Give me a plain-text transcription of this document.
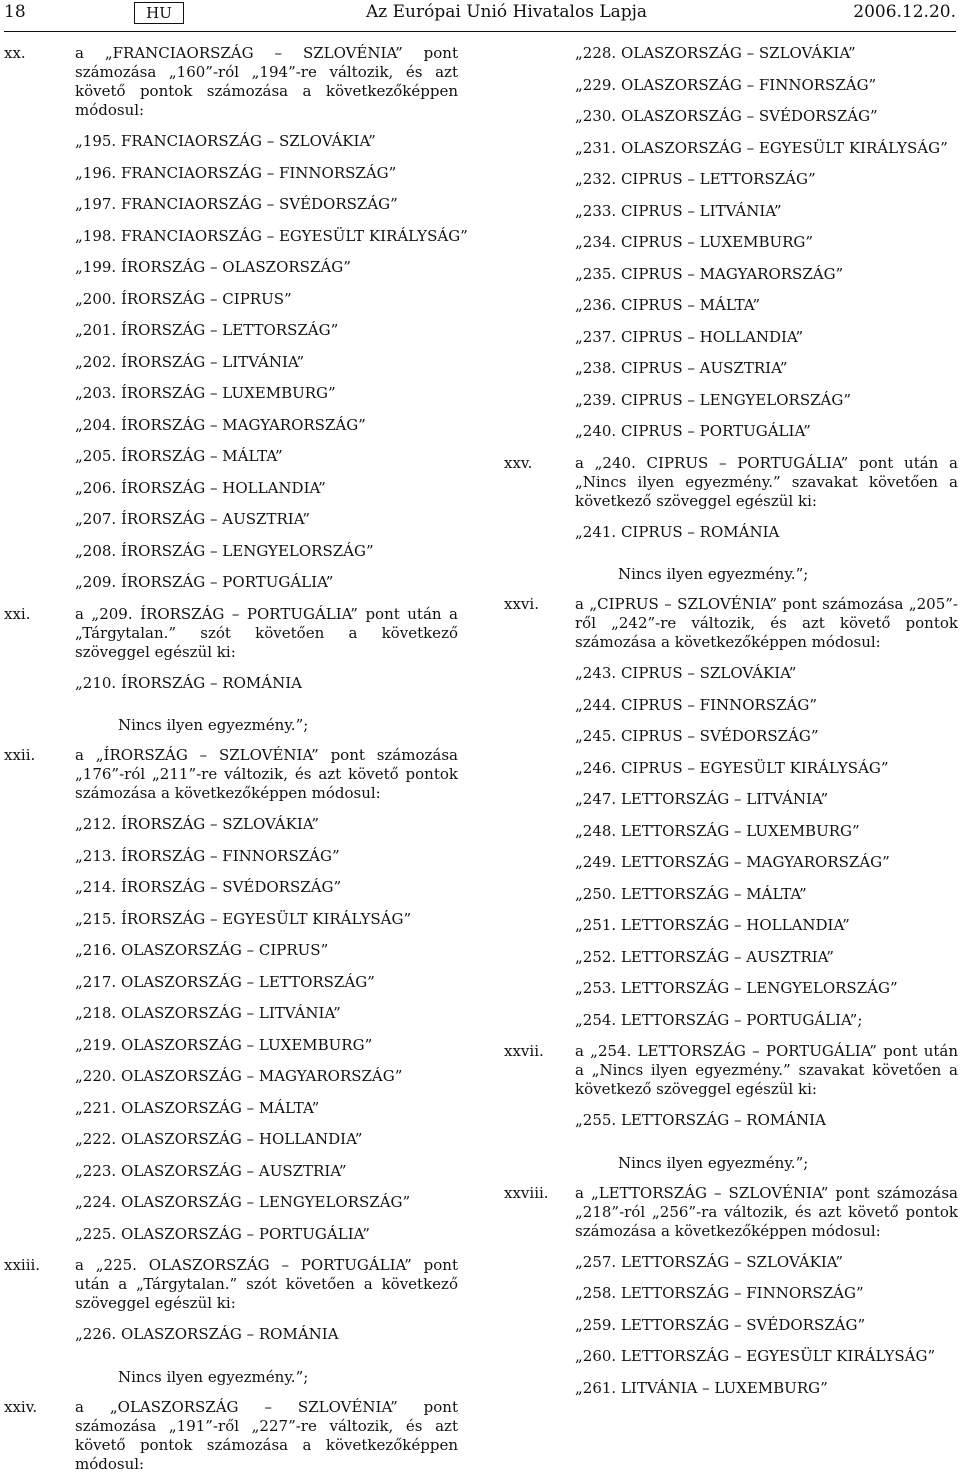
18	HU	Az Európai Unió Hivatalos Lapja	2006.12.20.
xx.	a „FRANCIAORSZÁG – SZLOVÉNIA” pont számozása „160”-ról „194”-re változik, és azt követő pontok számozása a következőképpen módosul:
„195. FRANCIAORSZÁG – SZLOVÁKIA”
„196. FRANCIAORSZÁG – FINNORSZÁG”
„197. FRANCIAORSZÁG – SVÉDORSZÁG”
„198. FRANCIAORSZÁG – EGYESÜLT KIRÁLYSÁG”
„199. ÍRORSZÁG – OLASZORSZÁG”
„200. ÍRORSZÁG – CIPRUS”
„201. ÍRORSZÁG – LETTORSZÁG”
„202. ÍRORSZÁG – LITVÁNIA”
„203. ÍRORSZÁG – LUXEMBURG”
„204. ÍRORSZÁG – MAGYARORSZÁG”
„205. ÍRORSZÁG – MÁLTA”
„206. ÍRORSZÁG – HOLLANDIA”
„207. ÍRORSZÁG – AUSZTRIA”
„208. ÍRORSZÁG – LENGYELORSZÁG”
„209. ÍRORSZÁG – PORTUGÁLIA”
xxi.	a „209. ÍRORSZÁG – PORTUGÁLIA” pont után a „Tárgytalan.” szót követően a következő szöveggel egészül ki:
„210. ÍRORSZÁG – ROMÁNIA
Nincs ilyen egyezmény.”;
xxii.	a „ÍRORSZÁG – SZLOVÉNIA” pont számozása „176”-ról „211”-re változik, és azt követő pontok számozása a következőképpen módosul:
„212. ÍRORSZÁG – SZLOVÁKIA”
„213. ÍRORSZÁG – FINNORSZÁG”
„214. ÍRORSZÁG – SVÉDORSZÁG”
„215. ÍRORSZÁG – EGYESÜLT KIRÁLYSÁG”
„216. OLASZORSZÁG – CIPRUS”
„217. OLASZORSZÁG – LETTORSZÁG”
„218. OLASZORSZÁG – LITVÁNIA”
„219. OLASZORSZÁG – LUXEMBURG”
„220. OLASZORSZÁG – MAGYARORSZÁG”
„221. OLASZORSZÁG – MÁLTA”
„222. OLASZORSZÁG – HOLLANDIA”
„223. OLASZORSZÁG – AUSZTRIA”
„224. OLASZORSZÁG – LENGYELORSZÁG”
„225. OLASZORSZÁG – PORTUGÁLIA”
xxiii. a „225. OLASZORSZÁG – PORTUGÁLIA” pont után a „Tárgytalan.” szót követően a következő szöveggel egészül ki:
„226. OLASZORSZÁG – ROMÁNIA
Nincs ilyen egyezmény.”;
xxiv.	a „OLASZORSZÁG – SZLOVÉNIA” pont számozása „191”-ről „227”-re változik, és azt követő pontok számozása a következőképpen módosul:
„228. OLASZORSZÁG – SZLOVÁKIA”
„229. OLASZORSZÁG – FINNORSZÁG”
„230. OLASZORSZÁG – SVÉDORSZÁG”
„231. OLASZORSZÁG – EGYESÜLT KIRÁLYSÁG”
„232. CIPRUS – LETTORSZÁG”
„233. CIPRUS – LITVÁNIA”
„234. CIPRUS – LUXEMBURG”
„235. CIPRUS – MAGYARORSZÁG”
„236. CIPRUS – MÁLTA”
„237. CIPRUS – HOLLANDIA”
„238. CIPRUS – AUSZTRIA”
„239. CIPRUS – LENGYELORSZÁG”
„240. CIPRUS – PORTUGÁLIA”
xxv.	a „240. CIPRUS – PORTUGÁLIA” pont után a „Nincs ilyen egyezmény.” szavakat követően a következő szöveggel egészül ki:
„241. CIPRUS – ROMÁNIA
Nincs ilyen egyezmény.”;
xxvi. a „CIPRUS – SZLOVÉNIA” pont számozása „205”-ről „242”-re változik, és azt követő pontok számozása a következőképpen módosul:
„243. CIPRUS – SZLOVÁKIA”
„244. CIPRUS – FINNORSZÁG”
„245. CIPRUS – SVÉDORSZÁG”
„246. CIPRUS – EGYESÜLT KIRÁLYSÁG”
„247. LETTORSZÁG – LITVÁNIA”
„248. LETTORSZÁG – LUXEMBURG”
„249. LETTORSZÁG – MAGYARORSZÁG”
„250. LETTORSZÁG – MÁLTA”
„251. LETTORSZÁG – HOLLANDIA”
„252. LETTORSZÁG – AUSZTRIA”
„253. LETTORSZÁG – LENGYELORSZÁG”
„254. LETTORSZÁG – PORTUGÁLIA”;
xxvii. a „254. LETTORSZÁG – PORTUGÁLIA” pont után a „Nincs ilyen egyezmény.” szavakat követően a következő szöveggel egészül ki:
„255. LETTORSZÁG – ROMÁNIA
Nincs ilyen egyezmény.”;
xxviii. a „LETTORSZÁG – SZLOVÉNIA” pont számozása „218”-ról „256”-ra változik, és azt követő pontok számozása a következőképpen módosul:
„257. LETTORSZÁG – SZLOVÁKIA”
„258. LETTORSZÁG – FINNORSZÁG”
„259. LETTORSZÁG – SVÉDORSZÁG”
„260. LETTORSZÁG – EGYESÜLT KIRÁLYSÁG”
„261. LITVÁNIA – LUXEMBURG”
